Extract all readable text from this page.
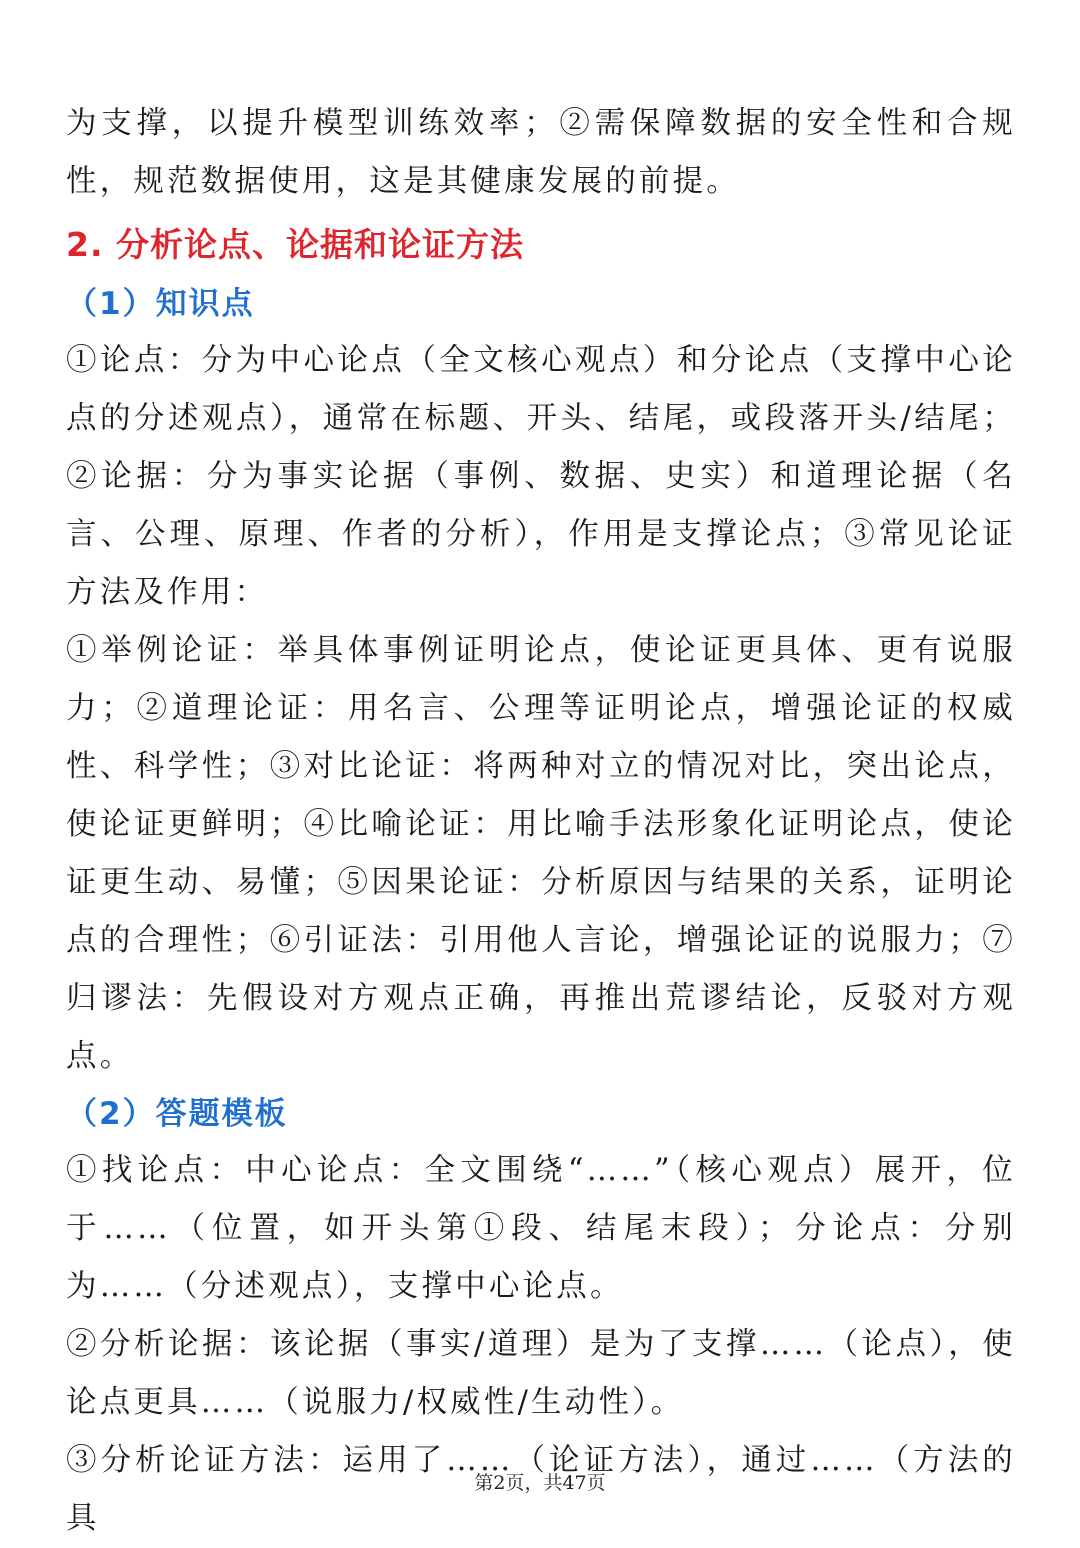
为支撑，以提升模型训练效率；②需保障数据的安全性和合规性，规范数据使用，这是其健康发展的前提。

2. 分析论点、论据和论证方法
（1）知识点

①论点：分为中心论点（全文核心观点）和分论点（支撑中心论点的分述观点），通常在标题、开头、结尾，或段落开头/结尾；②论据：分为事实论据（事例、数据、史实）和道理论据（名言、公理、原理、作者的分析），作用是支撑论点；③常见论证方法及作用：

①举例论证：举具体事例证明论点，使论证更具体、更有说服力；②道理论证：用名言、公理等证明论点，增强论证的权威性、科学性；③对比论证：将两种对立的情况对比，突出论点，使论证更鲜明；④比喻论证：用比喻手法形象化证明论点，使论证更生动、易懂；⑤因果论证：分析原因与结果的关系，证明论点的合理性；⑥引证法：引用他人言论，增强论证的说服力；⑦归谬法：先假设对方观点正确，再推出荒谬结论，反驳对方观点。

（2）答题模板

①找论点：中心论点：全文围绕“……”（核心观点）展开，位于……（位置，如开头第①段、结尾末段）；分论点：分别为……（分述观点），支撑中心论点。

②分析论据：该论据（事实/道理）是为了支撑……（论点），使论点更具……（说服力/权威性/生动性）。

③分析论证方法：运用了……（论证方法），通过……（方法的具

第2页，共47页
